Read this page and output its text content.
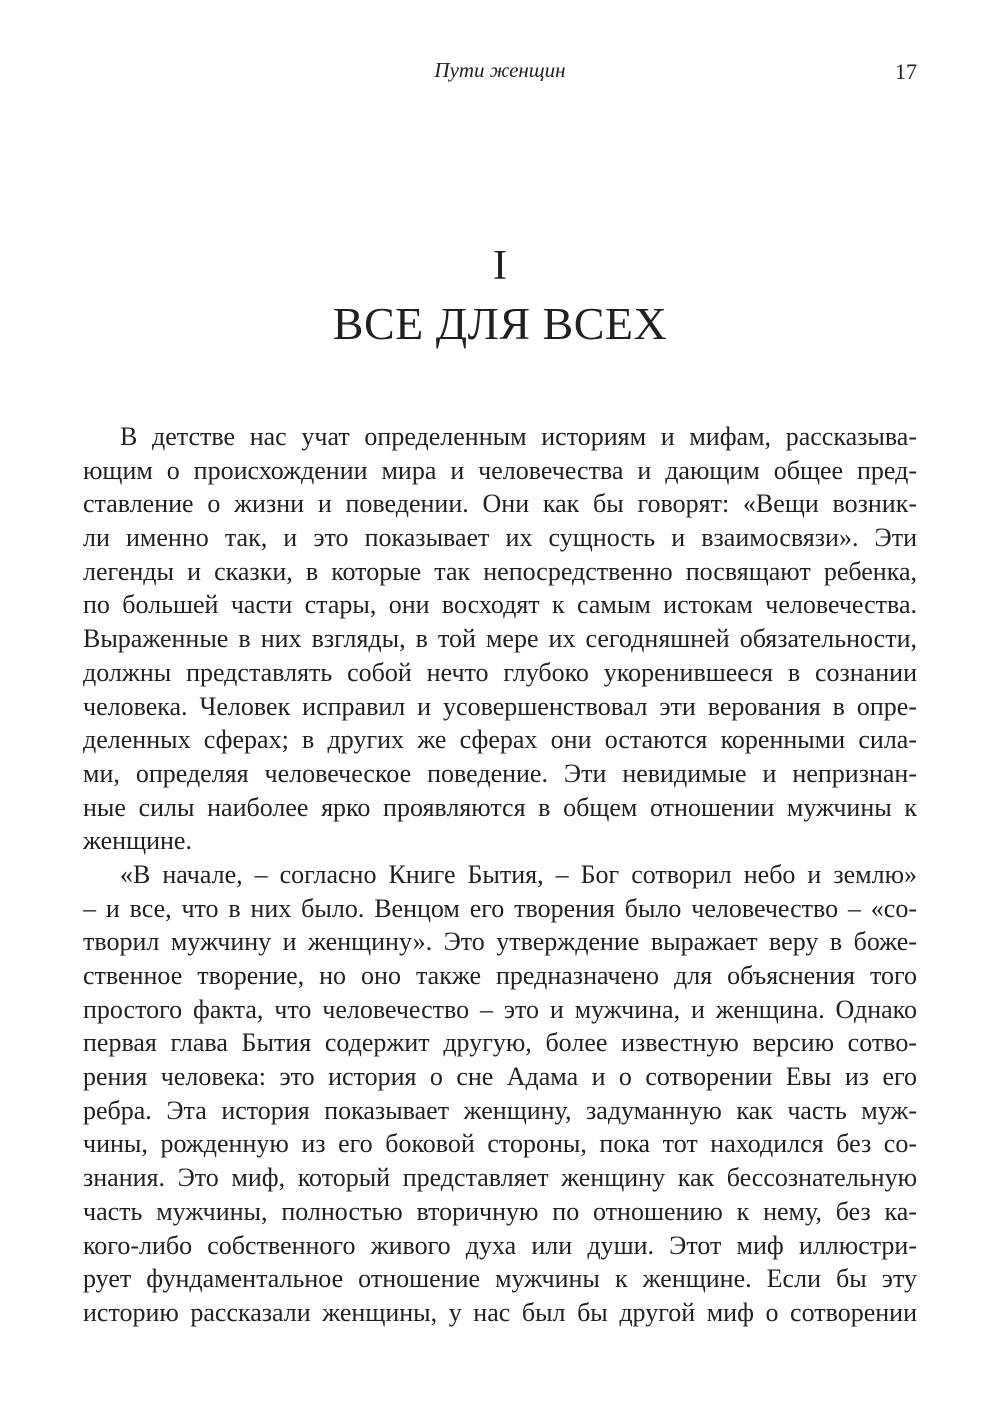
Пути женщин	17
I
ВСЕ ДЛЯ ВСЕХ
В детстве нас учат определенным историям и мифам, рассказыва-
ющим о происхождении мира и человечества и дающим общее пред-
ставление о жизни и поведении. Они как бы говорят: «Вещи возник-
ли именно так, и это показывает их сущность и взаимосвязи». Эти
легенды и сказки, в которые так непосредственно посвящают ребенка,
по большей части стары, они восходят к самым истокам человечества.
Выраженные в них взгляды, в той мере их сегодняшней обязательности,
должны представлять собой нечто глубоко укоренившееся в сознании
человека. Человек исправил и усовершенствовал эти верования в опре-
деленных сферах; в других же сферах они остаются коренными сила-
ми, определяя человеческое поведение. Эти невидимые и непризнан-
ные силы наиболее ярко проявляются в общем отношении мужчины к
женщине.
«В начале, – согласно Книге Бытия, – Бог сотворил небо и землю»
– и все, что в них было. Венцом его творения было человечество – «со-
творил мужчину и женщину». Это утверждение выражает веру в боже-
ственное творение, но оно также предназначено для объяснения того
простого факта, что человечество – это и мужчина, и женщина. Однако
первая глава Бытия содержит другую, более известную версию сотво-
рения человека: это история о сне Адама и о сотворении Евы из его
ребра. Эта история показывает женщину, задуманную как часть муж-
чины, рожденную из его боковой стороны, пока тот находился без со-
знания. Это миф, который представляет женщину как бессознательную
часть мужчины, полностью вторичную по отношению к нему, без ка-
кого-либо собственного живого духа или души. Этот миф иллюстри-
рует фундаментальное отношение мужчины к женщине. Если бы эту
историю рассказали женщины, у нас был бы другой миф о сотворении
